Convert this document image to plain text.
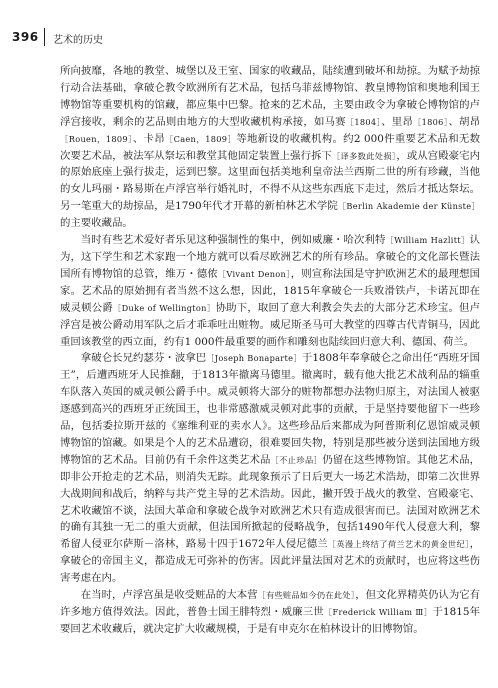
396 艺术的历史

所向披靡，各地的教堂、城堡以及王室、国家的收藏品，陆续遭到破坏和劫掠。为赋予劫掠行动合法基础，拿破仑教令欧洲所有艺术品，包括乌菲兹博物馆、教皇博物馆和奥地利国王博物馆等重要机构的馆藏，都应集中巴黎。抢来的艺术品，主要由政令为拿破仑博物馆的卢浮宫接收，剩余的艺品则由地方的大型收藏机构承接，如马赛［1804］、里昂［1806］、胡昂［Rouen，1809］、卡昂［Caen，1809］等地新设的收藏机构。约2 000件重要艺术品和无数次要艺术品，被法军从祭坛和教堂其他固定装置上强行拆下［译多数此处损］，或从宫殿豪宅内的原始底座上强行拔走，运到巴黎。这里面包括美地利皇帝法兰西斯二世的所有珍藏，当他的女儿玛丽・路易斯在卢浮宫举行婚礼时，不得不从这些东西底下走过，然后才抵达祭坛。另一笔重大的劫掠品，是1790年代才开幕的新柏林艺术学院［Berlin Akademie der Künste］的主要收藏品。

当时有些艺术爱好者乐见这种强制性的集中，例如威廉・哈次利特［William Hazlitt］认为，这下学生和艺术家跑一个地方就可以看尽欧洲艺术的所有珍品。拿破仑的文化部长暨法国所有博物馆的总管，维万・德侬［Vivant Denon］，则宣称法国是守护欧洲艺术的最理想国家。艺术品的原始拥有者当然不这么想，因此，1815年拿破仑一兵败滑铁卢，卡诺瓦即在威灵顿公爵［Duke of Wellington］协助下，取回了意大利教会失去的大部分艺术珍宝。但卢浮宫是被公爵动用军队之后才乖乖吐出赃物。威尼斯圣马可大教堂的四尊古代青铜马，因此重回该教堂的西立面，约有1 000件最重要的画作和雕刻也陆续回归意大利、德国、荷兰。

拿破仑长兄约瑟芬・波拿巴［Joseph Bonaparte］于1808年奉拿破仑之命出任“西班牙国王”，后遭西班牙人民推翻，于1813年撤离马德里。撤离时，载有他大批艺术战利品的辎重车队落入英国的威灵顿公爵手中。威灵顿将大部分的赃物都想办法物归原主，对法国人被驱逐感到高兴的西班牙正统国王，也非常感激威灵顿对此事的贡献，于是坚持要他留下一些珍品，包括委拉斯开兹的《塞维利亚的卖水人》。这些珍品后来都成为阿普斯利亿恩馆威灵顿博物馆的馆藏。如果是个人的艺术品遭窃，很难要回失物，特别是那些被分送到法国地方级博物馆的艺术品。目前仍有千余件这类艺术品［不止珍品］仍留在这些博物馆。其他艺术品，即非公开抢走的艺术品，则消失无踪。此现象预示了日后更大一场艺术浩劫，即第二次世界大战期间和战后，纳粹与共产党主导的艺术浩劫。因此，撇开毁于战火的教堂、宫殿豪宅、艺术收藏馆不谈，法国大革命和拿破仑战争对欧洲艺术只有造成很害而已。法国对欧洲艺术的确有其独一无二的重大贡献，但法国所掀起的侵略战争，包括1490年代人侵意大利，黎希留人侵亚尔萨斯－洛林，路易十四于1672年人侵尼德兰［英漫上终结了荷兰艺术的黄金世纪］，拿破仑的帝国主义，都造成无可弥补的伤害。因此评量法国对艺术的贡献时，也应将这些伤害考虑在内。

在当时，卢浮宫虽是收受赃品的大本营［有些赃品如今仍在此处］，但文化界精英仍认为它有许多地方值得效法。因此，普鲁士国王腓特烈・威廉三世［Frederick William Ⅲ］于1815年要回艺术收藏后，就决定扩大收藏规模，于是有申克尔在柏林设计的旧博物馆。
